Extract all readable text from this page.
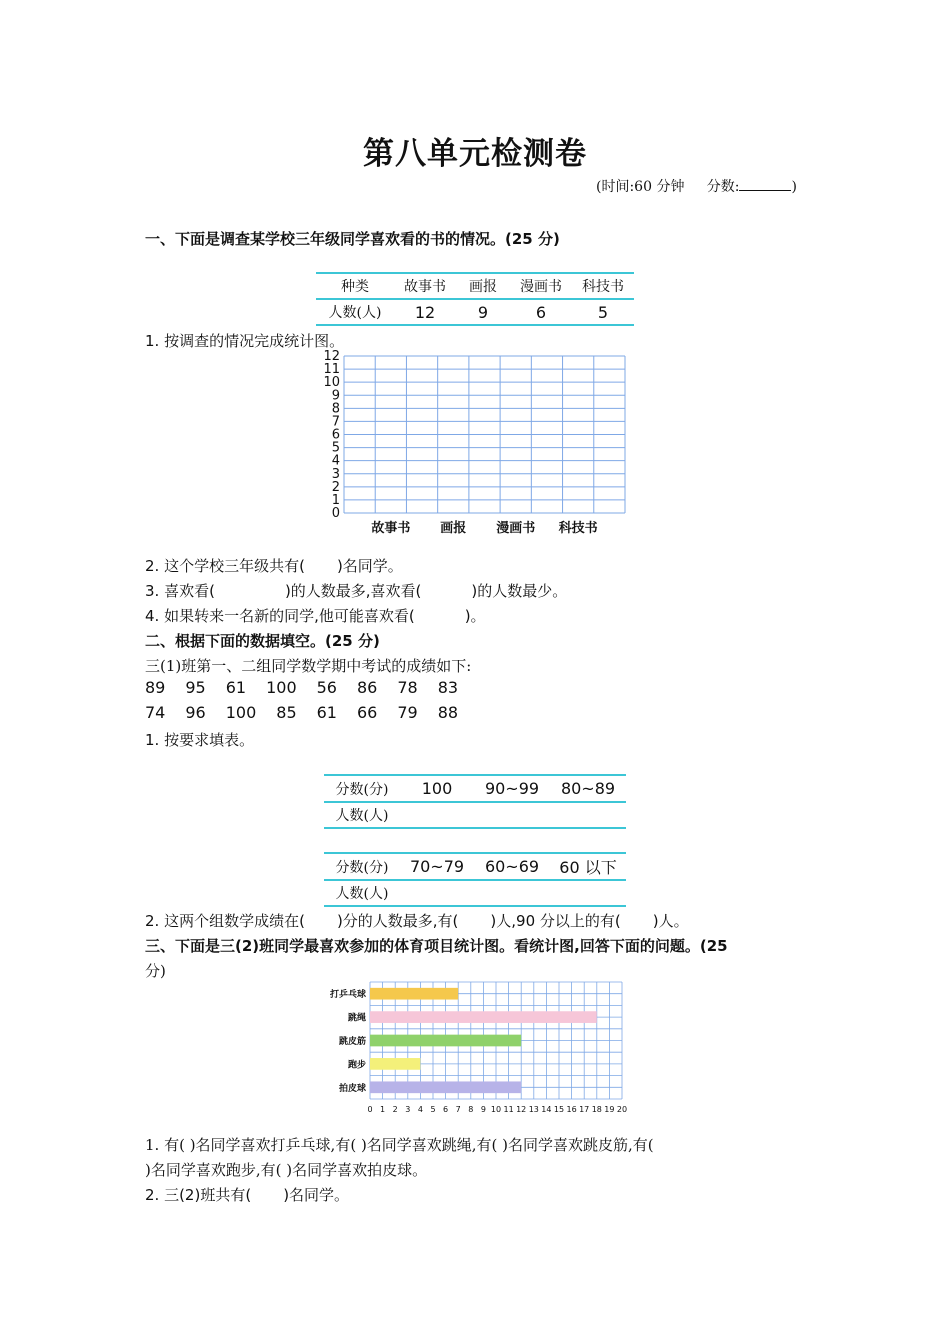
第八单元检测卷
(时间:60 分钟 分数:	)
一、下面是调查某学校三年级同学喜欢看的书的情况。(25 分)
种类	故事书	画报	漫画书	科技书
人数(人)	12	9	6	5
1. 按调查的情况完成统计图。
0
1
2
3
4
5
6
7
8
9
10
11
12
故事书 画报 漫画书 科技书
2. 这个学校三年级共有( )名同学。
3. 喜欢看(	)的人数最多,喜欢看(	)的人数最少。
4. 如果转来一名新的同学,他可能喜欢看(	)。
二、根据下面的数据填空。(25 分)
三(1)班第一、二组同学数学期中考试的成绩如下:
89 95 61 100 56 86 78 83
74 96 100 85 61 66 79 88
1. 按要求填表。
分数(分)	100	90~99	80~89
人数(人)			
分数(分)	70~79	60~69	60 以下
人数(人)			
2. 这两个组数学成绩在( )分的人数最多,有( )人,90 分以上的有( )人。
三、下面是三(2)班同学最喜欢参加的体育项目统计图。看统计图,回答下面的问题。(25
分)
0 1 2 3 4 5 6 7 8 9 10 11 12 13 14 15 16 17 18 19 20
打乒乓球
跳绳
跳皮筋
跑步
拍皮球
1. 有( )名同学喜欢打乒乓球,有( )名同学喜欢跳绳,有( )名同学喜欢跳皮筋,有(
)名同学喜欢跑步,有( )名同学喜欢拍皮球。
2. 三(2)班共有( )名同学。
